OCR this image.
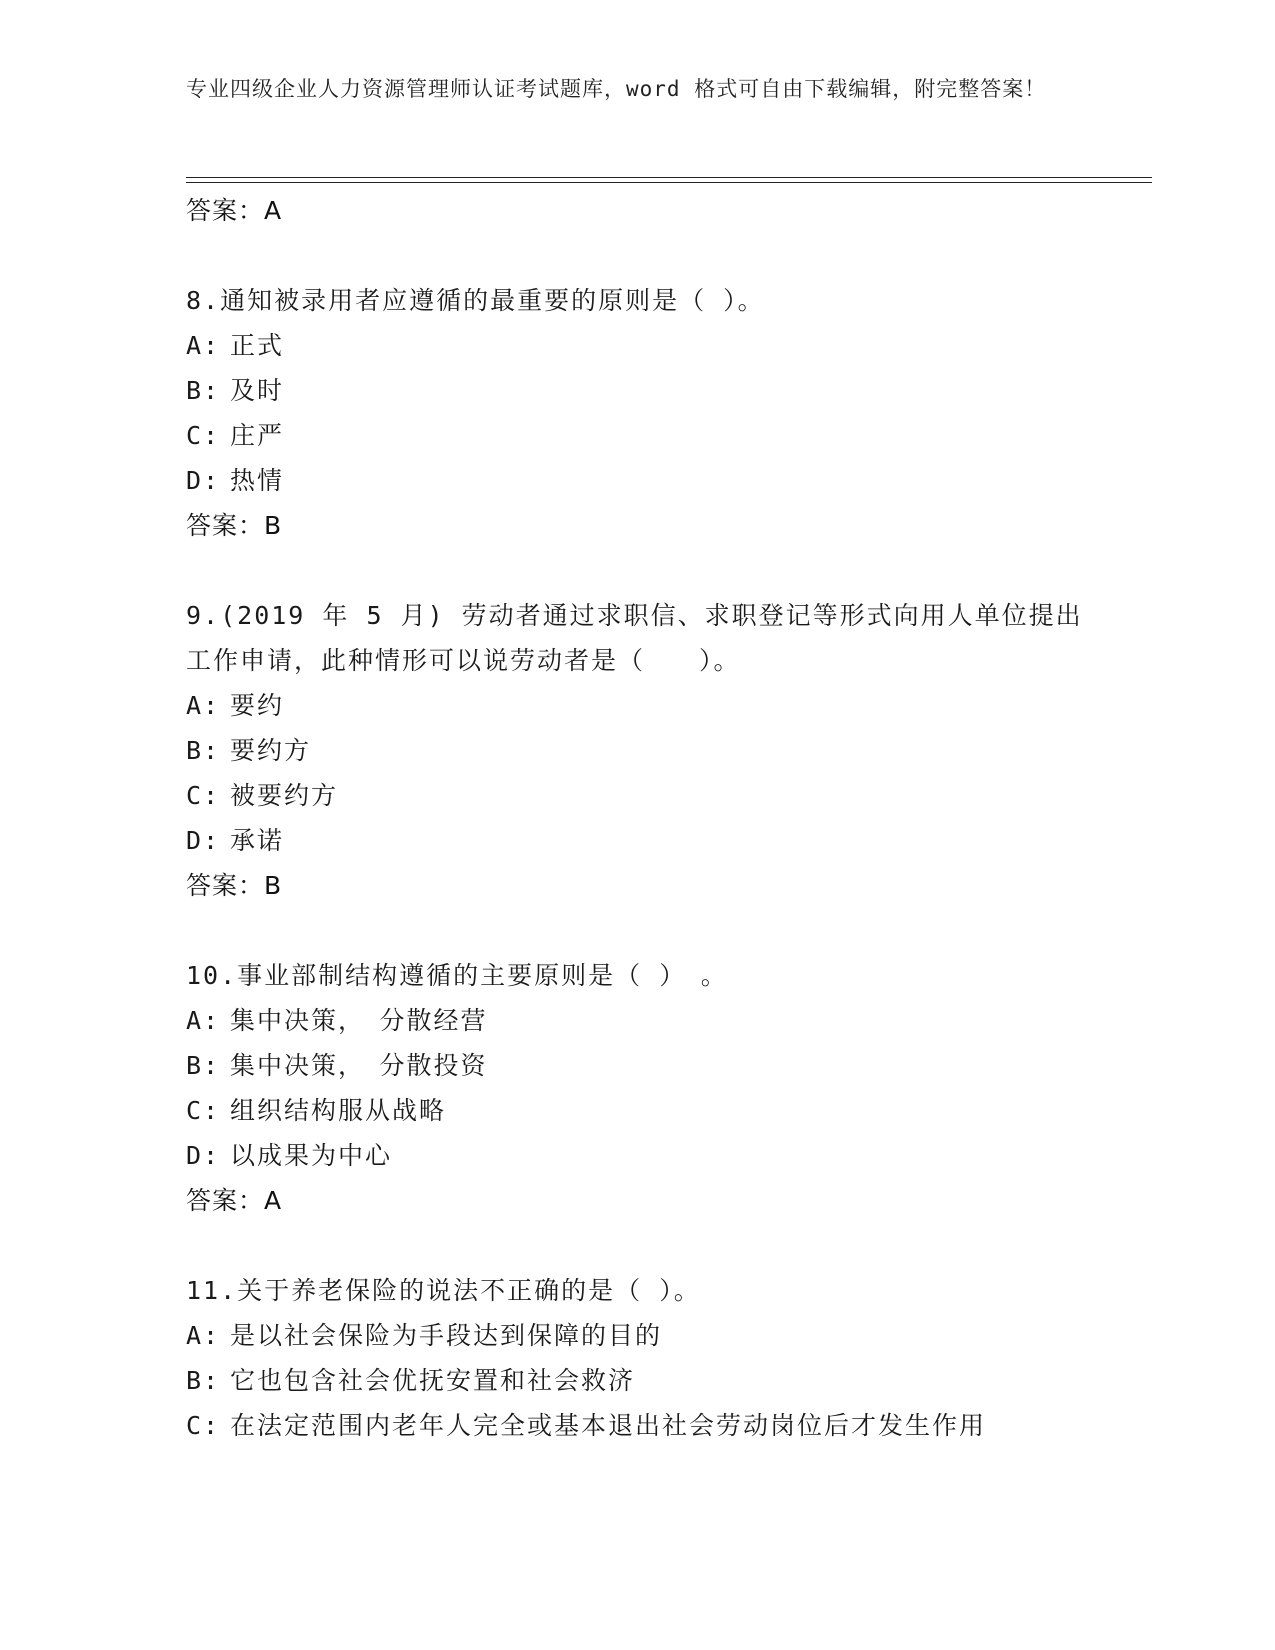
专业四级企业人力资源管理师认证考试题库，word 格式可自由下载编辑，附完整答案！
答案：A
8.通知被录用者应遵循的最重要的原则是（ ）。
A: 正式
B: 及时
C: 庄严
D: 热情
答案：B
9.(2019 年 5 月) 劳动者通过求职信、求职登记等形式向用人单位提出
工作申请，此种情形可以说劳动者是（　　）。
A: 要约
B: 要约方
C: 被要约方
D: 承诺
答案：B
10.事业部制结构遵循的主要原则是（ ）　。
A: 集中决策，　分散经营
B: 集中决策，　分散投资
C: 组织结构服从战略
D: 以成果为中心
答案：A
11.关于养老保险的说法不正确的是（ ）。
A: 是以社会保险为手段达到保障的目的
B: 它也包含社会优抚安置和社会救济
C: 在法定范围内老年人完全或基本退出社会劳动岗位后才发生作用
